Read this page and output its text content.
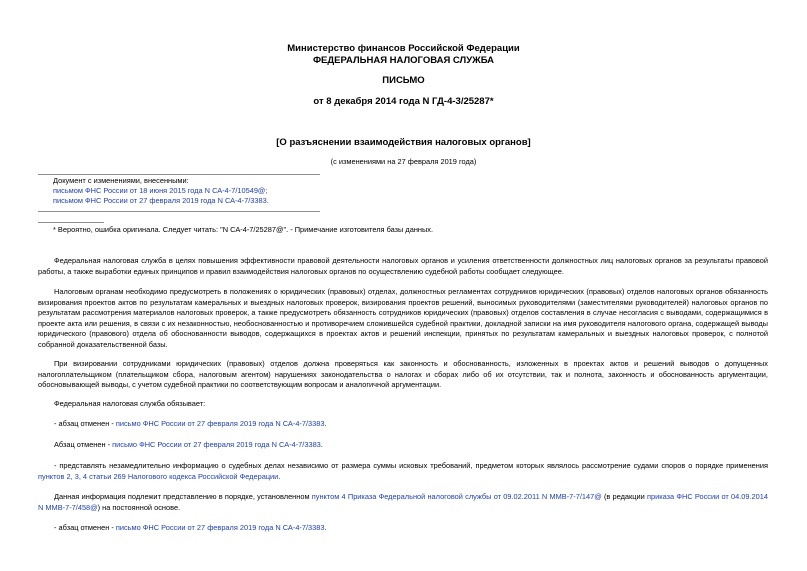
Министерство финансов Российской Федерации
ФЕДЕРАЛЬНАЯ НАЛОГОВАЯ СЛУЖБА
ПИСЬМО
от 8 декабря 2014 года N ГД-4-3/25287*
[О разъяснении взаимодействия налоговых органов]
(с изменениями на 27 февраля 2019 года)
Документ с изменениями, внесенными:
письмом ФНС России от 18 июня 2015 года N СА-4-7/10549@;
письмом ФНС России от 27 февраля 2019 года N СА-4-7/3383.
* Вероятно, ошибка оригинала. Следует читать: "N СА-4-7/25287@". - Примечание изготовителя базы данных.
Федеральная налоговая служба в целях повышения эффективности правовой деятельности налоговых органов и усиления ответственности должностных лиц налоговых органов за результаты правовой работы, а также выработки единых принципов и правил взаимодействия налоговых органов по осуществлению судебной работы сообщает следующее.
Налоговым органам необходимо предусмотреть в положениях о юридических (правовых) отделах, должностных регламентах сотрудников юридических (правовых) отделов налоговых органов обязанность визирования проектов актов по результатам камеральных и выездных налоговых проверок, визирования проектов решений, выносимых руководителями (заместителями руководителей) налоговых органов по результатам рассмотрения материалов налоговых проверок, а также предусмотреть обязанность сотрудников юридических (правовых) отделов составления в случае несогласия с выводами, содержащимися в проекте акта или решения, в связи с их незаконностью, необоснованностью и противоречием сложившейся судебной практики, докладной записки на имя руководителя налогового органа, содержащей выводы юридического (правового) отдела об обоснованности выводов, содержащихся в проектах актов и решений инспекции, принятых по результатам камеральных и выездных налоговых проверок, с полнотой собранной доказательственной базы.
При визировании сотрудниками юридических (правовых) отделов должна проверяться как законность и обоснованность, изложенных в проектах актов и решений выводов о допущенных налогоплательщиком (плательщиком сбора, налоговым агентом) нарушениях законодательства о налогах и сборах либо об их отсутствии, так и полнота, законность и обоснованность аргументации, обосновывающей выводы, с учетом судебной практики по соответствующим вопросам и аналогичной аргументации.
Федеральная налоговая служба обязывает:
- абзац отменен - письмо ФНС России от 27 февраля 2019 года N СА-4-7/3383.
Абзац отменен - письмо ФНС России от 27 февраля 2019 года N СА-4-7/3383.
- представлять незамедлительно информацию о судебных делах независимо от размера суммы исковых требований, предметом которых являлось рассмотрение судами споров о порядке применения пунктов 2, 3, 4 статьи 269 Налогового кодекса Российской Федерации.
Данная информация подлежит представлению в порядке, установленном пунктом 4 Приказа Федеральной налоговой службы от 09.02.2011 N ММВ-7-7/147@ (в редакции приказа ФНС России от 04.09.2014 N ММВ-7-7/458@) на постоянной основе.
- абзац отменен - письмо ФНС России от 27 февраля 2019 года N СА-4-7/3383.
